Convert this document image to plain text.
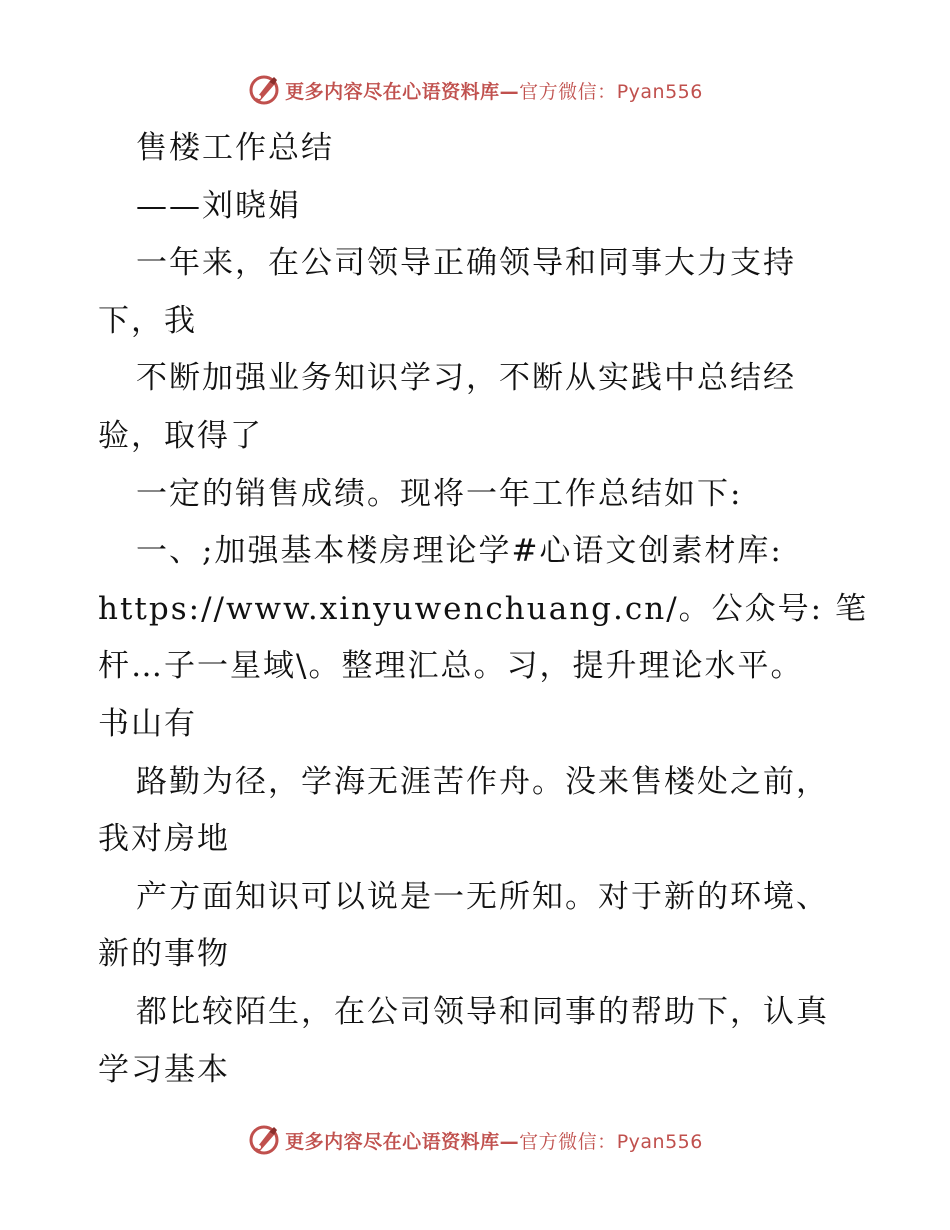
更多内容尽在心语资料库—官方微信：Pyan556
售楼工作总结
——刘晓娟
一年来，在公司领导正确领导和同事大力支持
下，我
不断加强业务知识学习，不断从实践中总结经
验，取得了
一定的销售成绩。现将一年工作总结如下:
一、;加强基本楼房理论学#心语文创素材库:
https://www.xinyuwenchuang.cn/。公众号: 笔
杆…子一星域\。整理汇总。习，提升理论水平。
书山有
路勤为径，学海无涯苦作舟。没来售楼处之前，
我对房地
产方面知识可以说是一无所知。对于新的环境、
新的事物
都比较陌生，在公司领导和同事的帮助下，认真
学习基本
更多内容尽在心语资料库—官方微信：Pyan556
